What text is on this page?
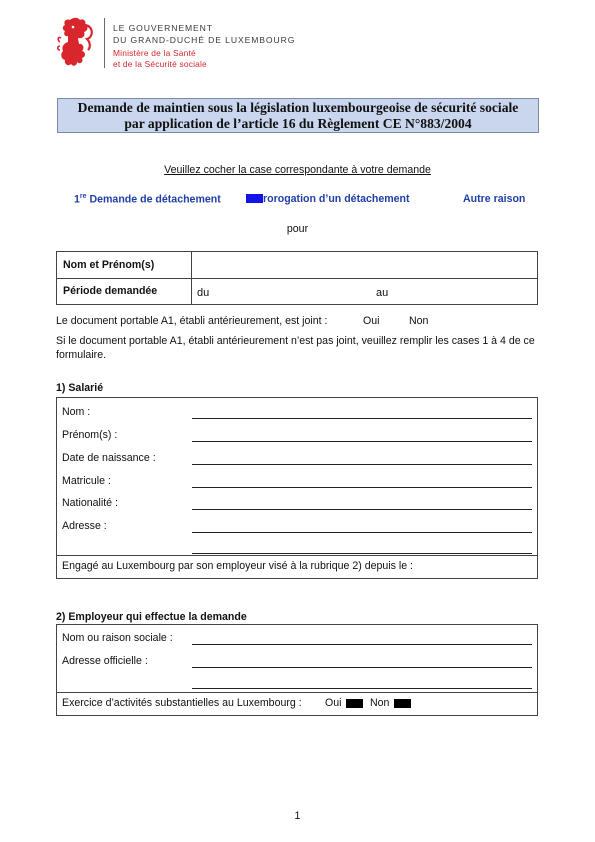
LE GOUVERNEMENT
DU GRAND-DUCHÉ DE LUXEMBOURG
Ministère de la Santé
et de la Sécurité sociale
Demande de maintien sous la législation luxembourgeoise de sécurité sociale
par application de l’article 16 du Règlement CE N°883/2004
Veuillez cocher la case correspondante à votre demande
1re Demande de détachement	rorogation d’un détachement	Autre raison
pour
Nom et Prénom(s)
Période demandée	du	au
Le document portable A1, établi antérieurement, est joint :	Oui	Non
Si le document portable A1, établi antérieurement n’est pas joint, veuillez remplir les cases 1 à 4 de ce formulaire.
1) Salarié
Nom :
Prénom(s) :
Date de naissance :
Matricule :
Nationalité :
Adresse :
Engagé au Luxembourg par son employeur visé à la rubrique 2) depuis le :
2) Employeur qui effectue la demande
Nom ou raison sociale :
Adresse officielle :
Exercice d’activités substantielles au Luxembourg : Oui	Non
1
